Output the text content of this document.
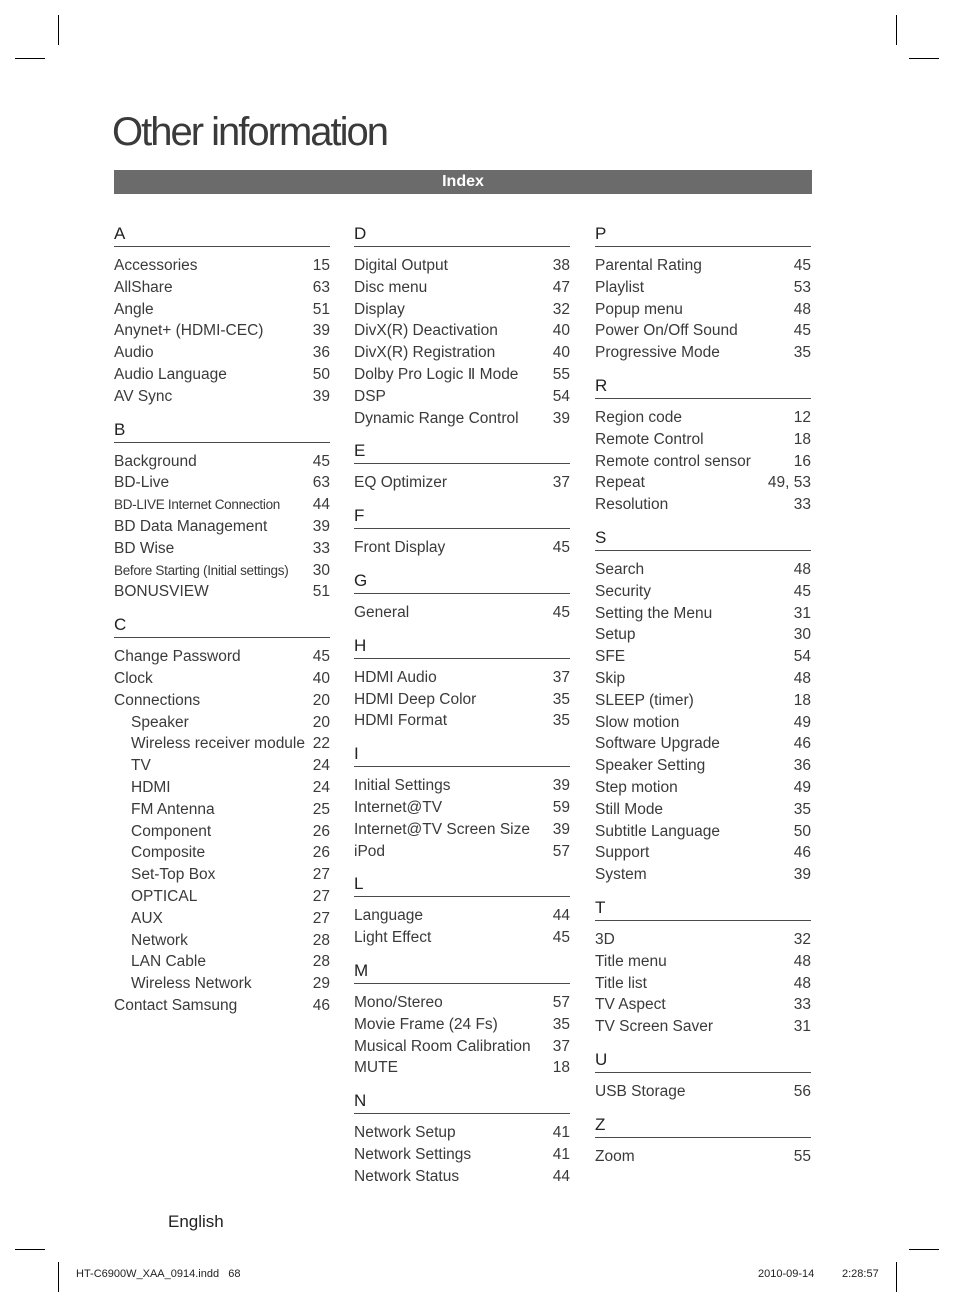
Other information
Index
A
Accessories	15
AllShare	63
Angle	51
Anynet+ (HDMI-CEC)	39
Audio	36
Audio Language	50
AV Sync	39
B
Background	45
BD-Live	63
BD-LIVE Internet Connection	44
BD Data Management	39
BD Wise	33
Before Starting (Initial settings)	30
BONUSVIEW	51
C
Change Password	45
Clock	40
Connections	20
Speaker	20
Wireless receiver module 22
TV	24
HDMI	24
FM Antenna	25
Component	26
Composite	26
Set-Top Box	27
OPTICAL	27
AUX	27
Network	28
LAN Cable	28
Wireless Network	29
Contact Samsung	46
D
Digital Output	38
Disc menu	47
Display	32
DivX(R) Deactivation	40
DivX(R) Registration	40
Dolby Pro Logic Ⅱ Mode	55
DSP	54
Dynamic Range Control	39
E
EQ Optimizer	37
F
Front Display	45
G
General	45
H
HDMI Audio	37
HDMI Deep Color	35
HDMI Format	35
I
Initial Settings	39
Internet@TV	59
Internet@TV Screen Size	39
iPod	57
L
Language	44
Light Effect	45
M
Mono/Stereo	57
Movie Frame (24 Fs)	35
Musical Room Calibration	37
MUTE	18
N
Network Setup	41
Network Settings	41
Network Status	44
P
Parental Rating	45
Playlist	53
Popup menu	48
Power On/Off Sound	45
Progressive Mode	35
R
Region code	12
Remote Control	18
Remote control sensor	16
Repeat	49, 53
Resolution	33
S
Search	48
Security	45
Setting the Menu	31
Setup	30
SFE	54
Skip	48
SLEEP (timer)	18
Slow motion	49
Software Upgrade	46
Speaker Setting	36
Step motion	49
Still Mode	35
Subtitle Language	50
Support	46
System	39
T
3D	32
Title menu	48
Title list	48
TV Aspect	33
TV Screen Saver	31
U
USB Storage	56
Z
Zoom	55
English
HT-C6900W_XAA_0914.indd   68	2010-09-14	2:28:57
